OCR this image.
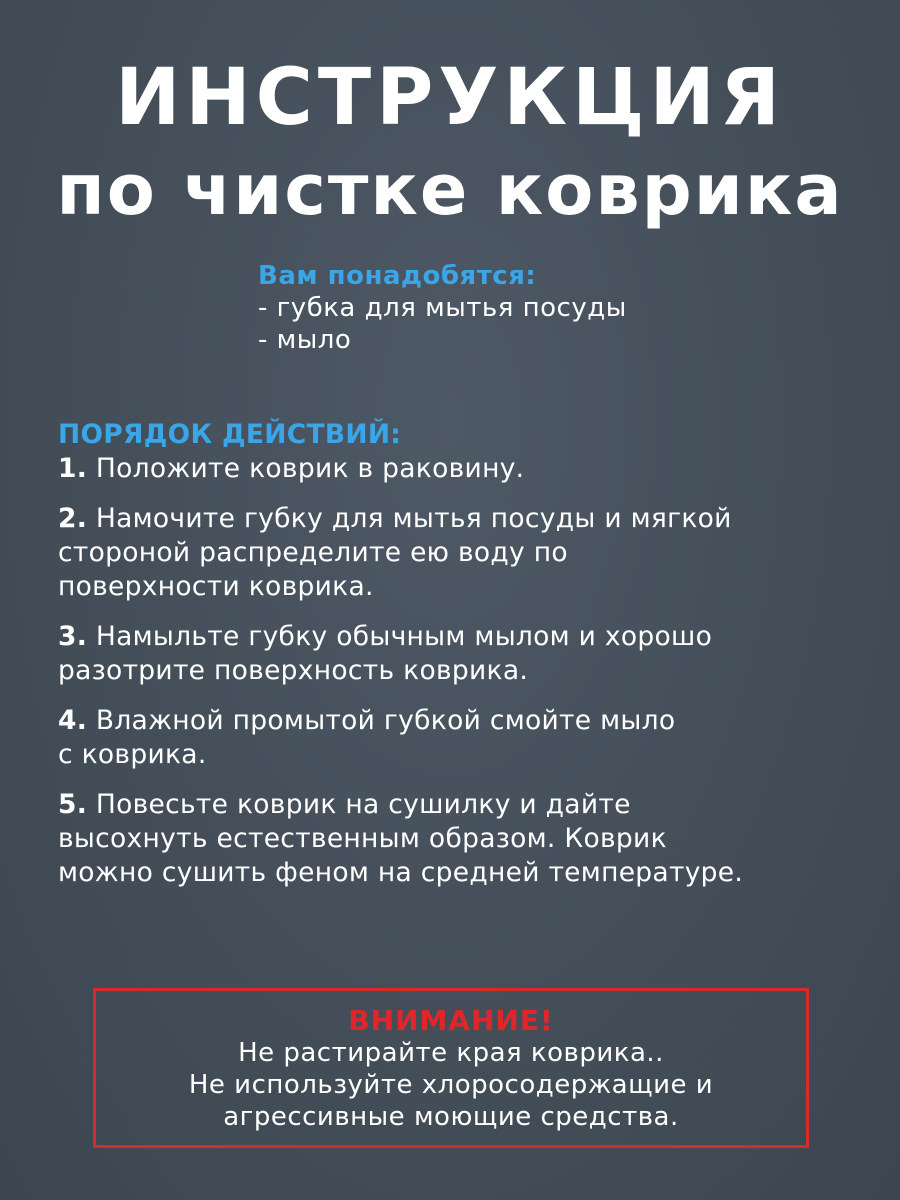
ИНСТРУКЦИЯ
по чистке коврика
Вам понадобятся:
- губка для мытья посуды
- мыло
ПОРЯДОК ДЕЙСТВИЙ:
1. Положите коврик в раковину.
2. Намочите губку для мытья посуды и мягкой
стороной распределите ею воду по
поверхности коврика.
3. Намыльте губку обычным мылом и хорошо
разотрите поверхность коврика.
4. Влажной промытой губкой смойте мыло
с коврика.
5. Повесьте коврик на сушилку и дайте
высохнуть естественным образом. Коврик
можно сушить феном на средней температуре.
ВНИМАНИЕ!
Не растирайте края коврика..
Не используйте хлоросодержащие и
агрессивные моющие средства.
